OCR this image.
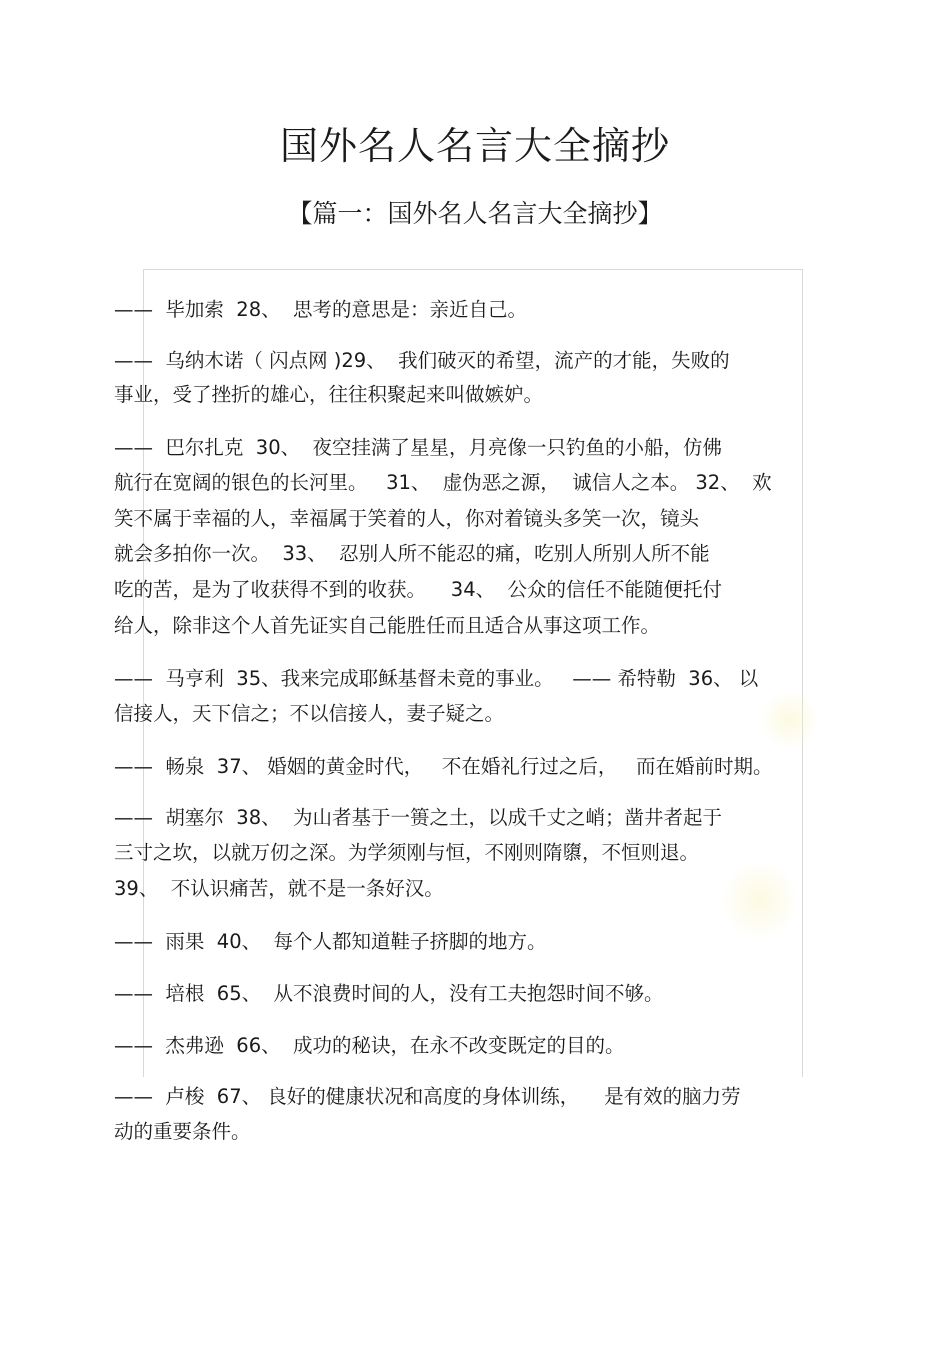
国外名人名言大全摘抄
【篇一：国外名人名言大全摘抄】
——  毕加索  28、  思考的意思是：亲近自己。
——  乌纳木诺（ 闪点网 )29、  我们破灭的希望，流产的才能，失败的
事业，受了挫折的雄心，往往积聚起来叫做嫉妒。
——  巴尔扎克  30、  夜空挂满了星星，月亮像一只钓鱼的小船，仿佛
航行在宽阔的银色的长河里。   31、  虚伪恶之源，  诚信人之本。 32、  欢
笑不属于幸福的人，幸福属于笑着的人，你对着镜头多笑一次，镜头
就会多拍你一次。  33、  忍别人所不能忍的痛，吃别人所别人所不能
吃的苦，是为了收获得不到的收获。    34、  公众的信任不能随便托付
给人，除非这个人首先证实自己能胜任而且适合从事这项工作。
——  马亨利  35、我来完成耶稣基督未竟的事业。   —— 希特勒  36、 以
信接人，天下信之；不以信接人，妻子疑之。
——  畅泉  37、 婚姻的黄金时代，   不在婚礼行过之后，   而在婚前时期。
——  胡塞尔  38、  为山者基于一篑之土，以成千丈之峭；凿井者起于
三寸之坎，以就万仞之深。为学须刚与恒，不刚则隋隳，不恒则退。
39、  不认识痛苦，就不是一条好汉。
——  雨果  40、  每个人都知道鞋子挤脚的地方。
——  培根  65、  从不浪费时间的人，没有工夫抱怨时间不够。
——  杰弗逊  66、  成功的秘诀，在永不改变既定的目的。
——  卢梭  67、 良好的健康状况和高度的身体训练，    是有效的脑力劳
动的重要条件。
